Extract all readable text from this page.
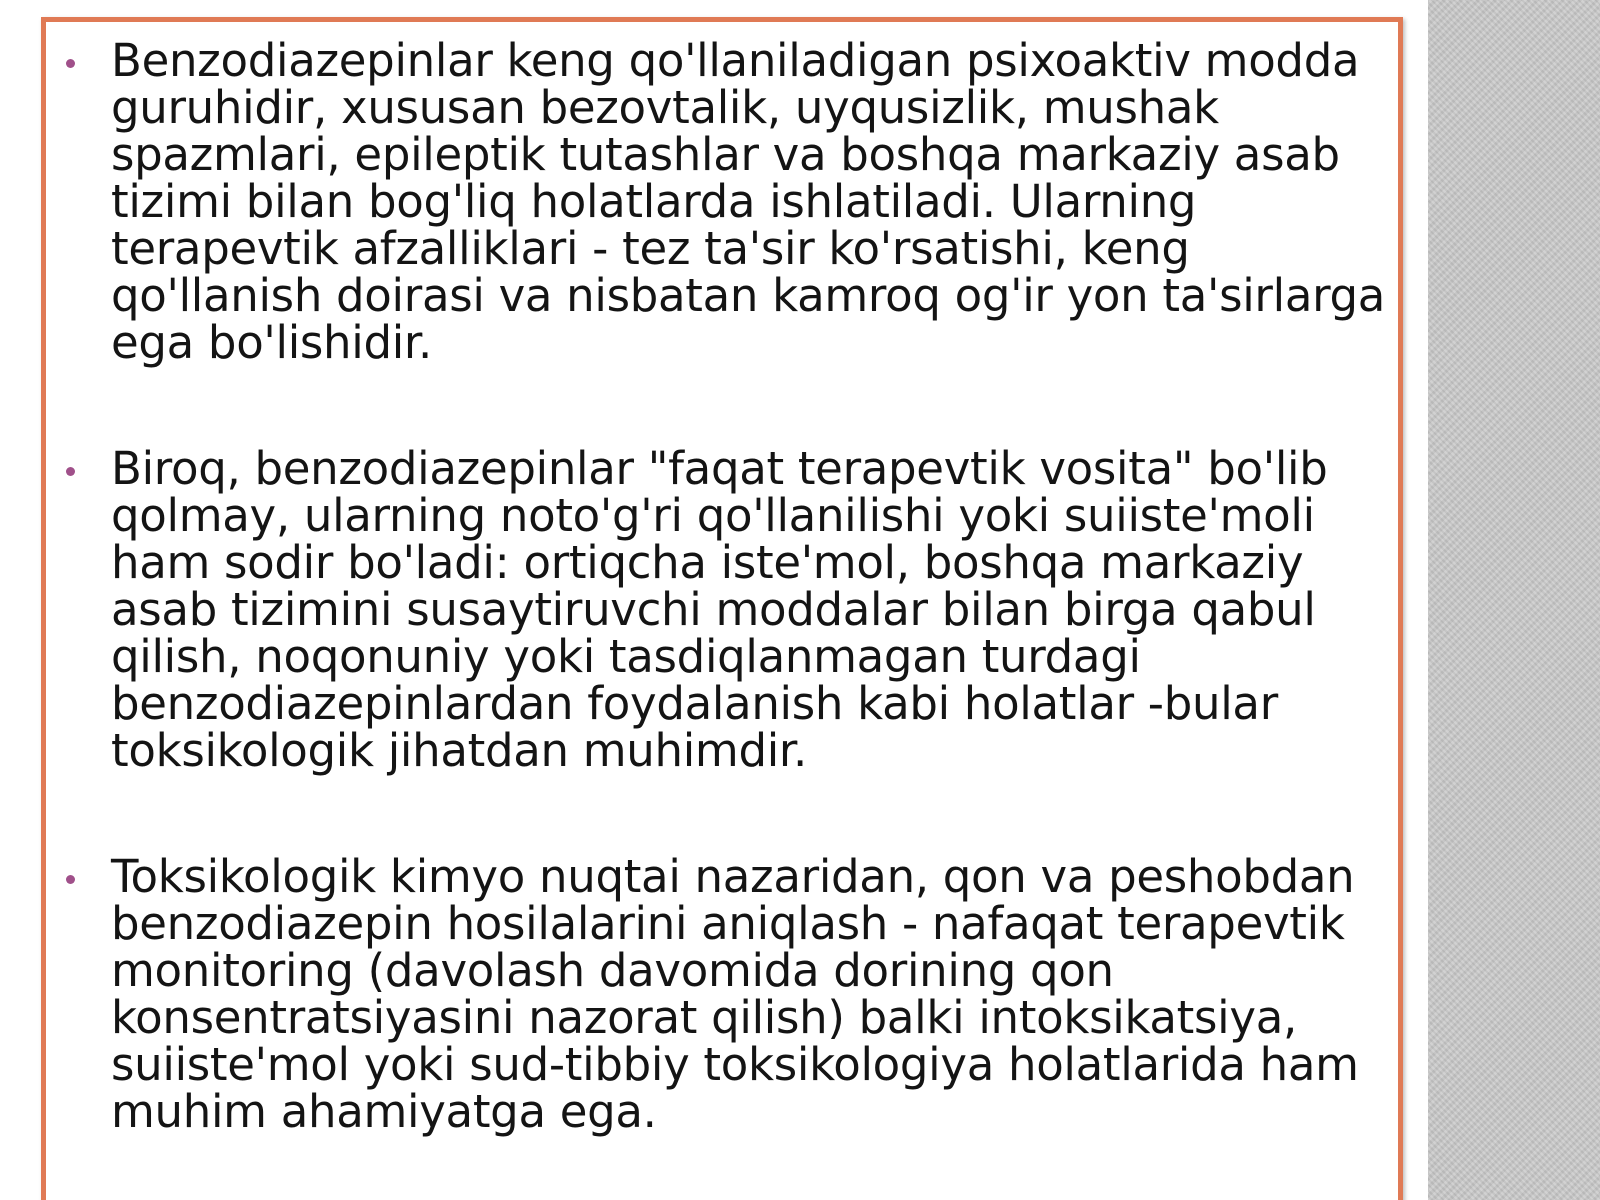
Benzodiazepinlar keng qo'llaniladigan psixoaktiv modda guruhidir, xususan bezovtalik, uyqusizlik, mushak spazmlari, epileptik tutashlar va boshqa markaziy asab tizimi bilan bog'liq holatlarda ishlatiladi. Ularning terapevtik afzalliklari - tez ta'sir ko'rsatishi, keng qo'llanish doirasi va nisbatan kamroq og'ir yon ta'sirlarga ega bo'lishidir.

Biroq, benzodiazepinlar "faqat terapevtik vosita" bo'lib qolmay, ularning noto'g'ri qo'llanilishi yoki suiiste'moli ham sodir bo'ladi: ortiqcha iste'mol, boshqa markaziy asab tizimini susaytiruvchi moddalar bilan birga qabul qilish, noqonuniy yoki tasdiqlanmagan turdagi benzodiazepinlardan foydalanish kabi holatlar -bular toksikologik jihatdan muhimdir.

Toksikologik kimyo nuqtai nazaridan, qon va peshobdan benzodiazepin hosilalarini aniqlash - nafaqat terapevtik monitoring (davolash davomida dorining qon konsentratsiyasini nazorat qilish) balki intoksikatsiya, suiiste'mol yoki sud-tibbiy toksikologiya holatlarida ham muhim ahamiyatga ega.
